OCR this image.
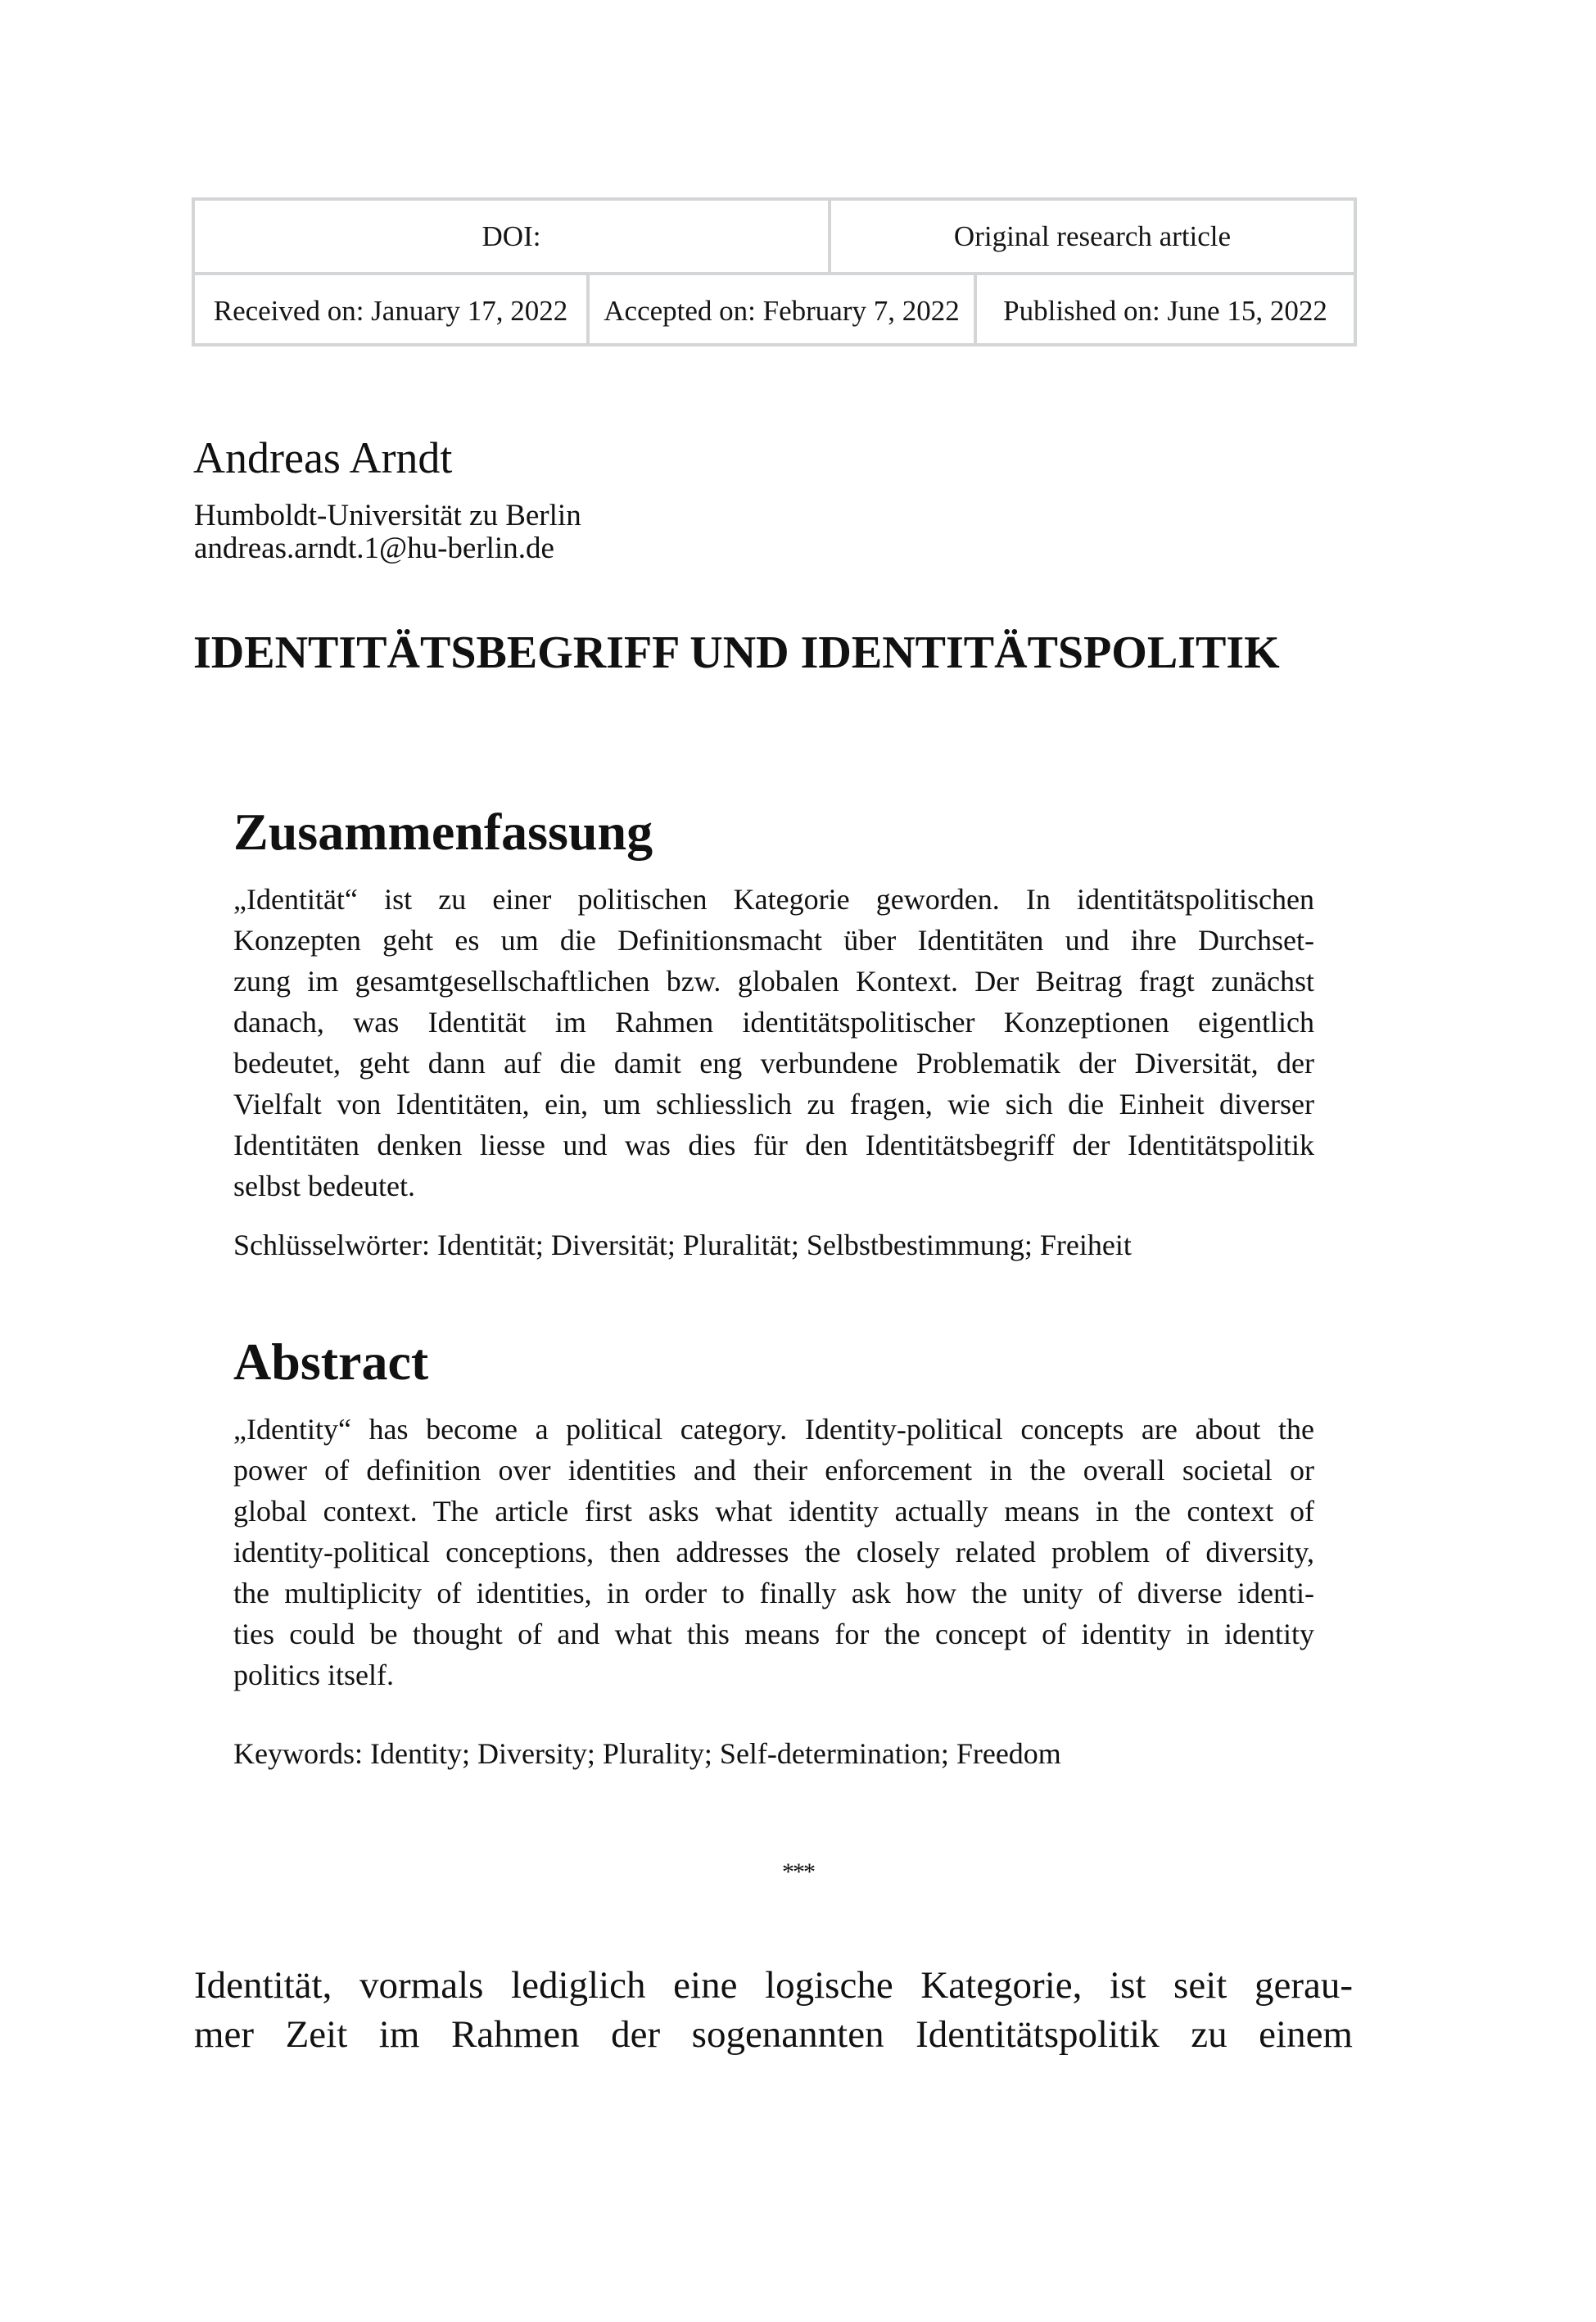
DOI:	Original research article
Received on: January 17, 2022	Accepted on: February 7, 2022	Published on: June 15, 2022
Andreas Arndt
Humboldt-Universität zu Berlin
andreas.arndt.1@hu-berlin.de
IDENTITÄTSBEGRIFF UND IDENTITÄTSPOLITIK
Zusammenfassung
„Identität“ ist zu einer politischen Kategorie geworden. In identitätspolitischen
Konzepten geht es um die Definitionsmacht über Identitäten und ihre Durchset-
zung im gesamtgesellschaftlichen bzw. globalen Kontext. Der Beitrag fragt zunächst
danach, was Identität im Rahmen identitätspolitischer Konzeptionen eigentlich
bedeutet, geht dann auf die damit eng verbundene Problematik der Diversität, der
Vielfalt von Identitäten, ein, um schliesslich zu fragen, wie sich die Einheit diverser
Identitäten denken liesse und was dies für den Identitätsbegriff der Identitätspolitik
selbst bedeutet.
Schlüsselwörter: Identität; Diversität; Pluralität; Selbstbestimmung; Freiheit
Abstract
„Identity“ has become a political category. Identity-political concepts are about the
power of definition over identities and their enforcement in the overall societal or
global context. The article first asks what identity actually means in the context of
identity-political conceptions, then addresses the closely related problem of diversity,
the multiplicity of identities, in order to finally ask how the unity of diverse identi-
ties could be thought of and what this means for the concept of identity in identity
politics itself.
Keywords: Identity; Diversity; Plurality; Self-determination; Freedom
***
Identität, vormals lediglich eine logische Kategorie, ist seit gerau-
mer Zeit im Rahmen der sogenannten Identitätspolitik zu einem
